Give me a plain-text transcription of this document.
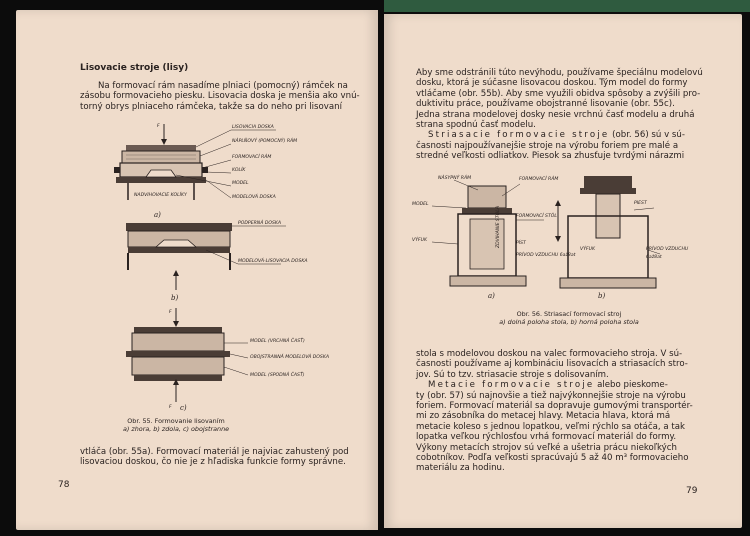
Lisovacie stroje (lisy)
Na formovací rám nasadíme plniaci (pomocný) rámček na
zásobu formovacieho piesku. Lisovacia doska je menšia ako vnú-
torný obrys plniaceho rámčeka, takže sa do neho pri lisovaní
F	LISOVACIA DOSKA
NÁPLŇOVÝ (POMOCNÝ) RÁM
FORMOVACÍ RÁM
KOLÍK
MODEL
MODELOVÁ DOSKA
NADVIHOVACIE KOLÍKY
a)
PODPERNÁ DOSKA
MODELOVÁ-LISOVACIA DOSKA
b)
F
F
MODEL (VRCHNÁ ČASŤ)
OBOJSTRANNÁ MODELOVÁ DOSKA
MODEL (SPODNÁ ČASŤ)
c)
Obr. 55. Formovanie lisovaním
a) zhora, b) zdola, c) obojstranne
vtláča (obr. 55a). Formovací materiál je najviac zahustený pod
lisovaciou doskou, čo nie je z hľadiska funkcie formy správne.
78
Aby sme odstránili túto nevýhodu, používame špeciálnu modelovú
dosku, ktorá je súčasne lisovacou doskou. Tým model do formy
vtláčame (obr. 55b). Aby sme využili obidva spôsoby a zvýšili pro-
duktivitu práce, používame obojstranné lisovanie (obr. 55c).
Jedna strana modelovej dosky nesie vrchnú časť modelu a druhá
strana spodnú časť modelu.
Striasacie formovacie stroje (obr. 56) sú v sú-
časnosti najpoužívanejšie stroje na výrobu foriem pre malé a
stredné veľkosti odliatkov. Piesok sa zhusťuje tvrdými nárazmi
ZDVIHANIE STOLA
NÁSYPNÝ RÁM	FORMOVACÍ RÁM
MODEL
FORMOVACÍ STÔL
VÝFUK
PÍST
PRÍVOD VZDUCHU 6až8at
a)
PIEST
VÝFUK	PRÍVOD VZDUCHU
6až8at
b)
Obr. 56. Striasací formovací stroj
a) dolná poloha stola, b) horná poloha stola
stola s modelovou doskou na valec formovacieho stroja. V sú-
časnosti používame aj kombináciu lisovacích a striasacích stro-
jov. Sú to tzv. striasacie stroje s dolisovaním.
Metacie formovacie stroje alebo pieskome-
ty (obr. 57) sú najnovšie a tiež najvýkonnejšie stroje na výrobu
foriem. Formovací materiál sa dopravuje gumovými transportér-
mi zo zásobníka do metacej hlavy. Metacia hlava, ktorá má
metacie koleso s jednou lopatkou, veľmi rýchlo sa otáča, a tak
lopatka veľkou rýchlosťou vrhá formovací materiál do formy.
Výkony metacích strojov sú veľké a ušetria prácu niekoľkých
cobotníkov. Podľa veľkosti spracúvajú 5 až 40 m³ formovacieho
materiálu za hodinu.
79
